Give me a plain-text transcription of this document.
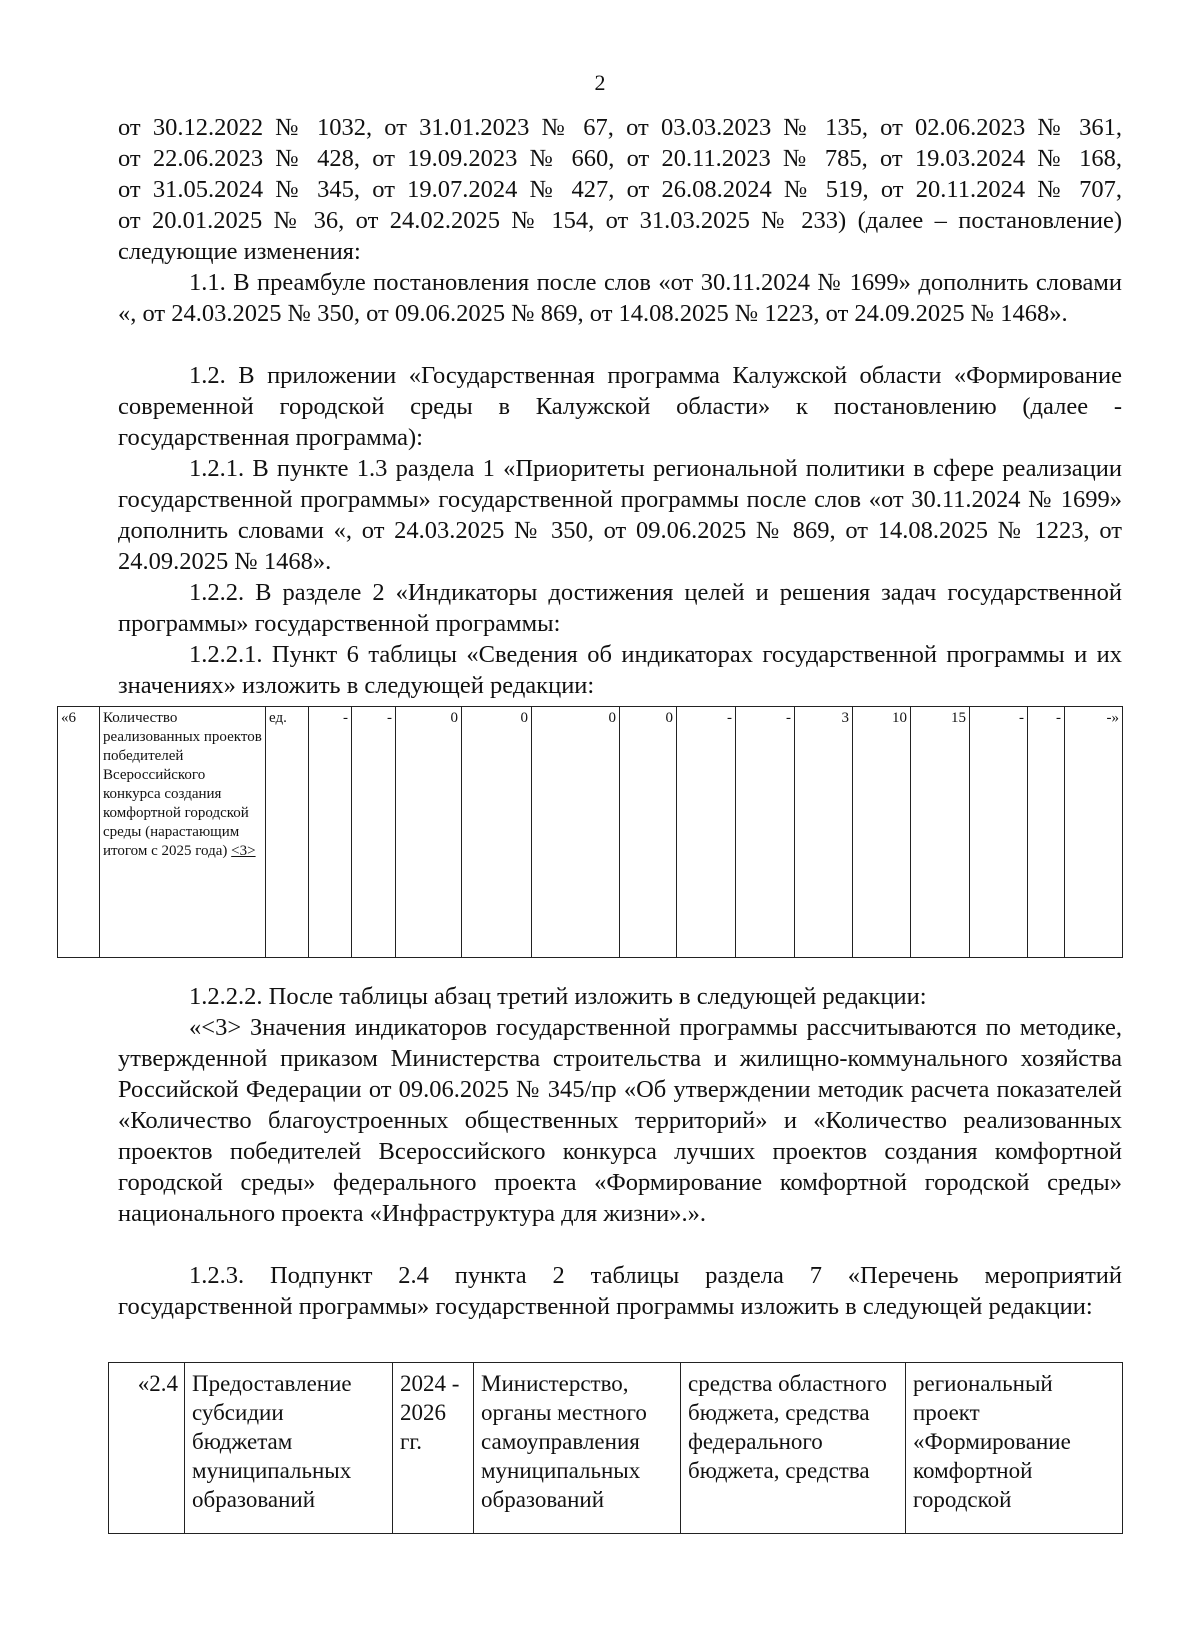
2

от 30.12.2022 № 1032, от 31.01.2023 № 67, от 03.03.2023 № 135, от 02.06.2023 № 361,

от 22.06.2023 № 428, от 19.09.2023 № 660, от 20.11.2023 № 785, от 19.03.2024 № 168,

от 31.05.2024 № 345, от 19.07.2024 № 427, от 26.08.2024 № 519, от 20.11.2024 № 707,

от 20.01.2025 № 36, от 24.02.2025 № 154, от 31.03.2025 № 233) (далее – постановление)

следующие изменения:

1.1. В преамбуле постановления после слов «от 30.11.2024 № 1699» дополнить словами «, от 24.03.2025 № 350, от 09.06.2025 № 869, от 14.08.2025 № 1223, от 24.09.2025 № 1468».
1.2. В приложении «Государственная программа Калужской области «Формирование современной городской среды в Калужской области» к постановлению (далее - государственная программа):
1.2.1. В пункте 1.3 раздела 1 «Приоритеты региональной политики в сфере реализации государственной программы» государственной программы после слов «от 30.11.2024 № 1699» дополнить словами «, от 24.03.2025 № 350, от 09.06.2025 № 869, от 14.08.2025 № 1223, от 24.09.2025 № 1468».
1.2.2. В разделе 2 «Индикаторы достижения целей и решения задач государственной программы» государственной программы:
1.2.2.1. Пункт 6 таблицы «Сведения об индикаторах государственной программы и их значениях» изложить в следующей редакции:
«6	Количество реализованных проектов победителей Всероссийского конкурса создания комфортной городской среды (нарастающим итогом с 2025 года) <3>	ед.	-	-	0	0	0	0	-	-	3	10	15	-	-	-»
1.2.2.2. После таблицы абзац третий изложить в следующей редакции:
«<3> Значения индикаторов государственной программы рассчитываются по методике, утвержденной приказом Министерства строительства и жилищно-коммунального хозяйства Российской Федерации от 09.06.2025 № 345/пр «Об утверждении методик расчета показателей «Количество благоустроенных общественных территорий» и «Количество реализованных проектов победителей Всероссийского конкурса лучших проектов создания комфортной городской среды» федерального проекта «Формирование комфортной городской среды» национального проекта «Инфраструктура для жизни».».
1.2.3. Подпункт 2.4 пункта 2 таблицы раздела 7 «Перечень мероприятий государственной программы» государственной программы изложить в следующей редакции:
«2.4	Предоставление субсидии бюджетам муниципальных образований	2024 - 2026 гг.	Министерство, органы местного самоуправления муниципальных образований	средства областного бюджета, средства федерального бюджета, средства	региональный проект «Формирование комфортной городской
